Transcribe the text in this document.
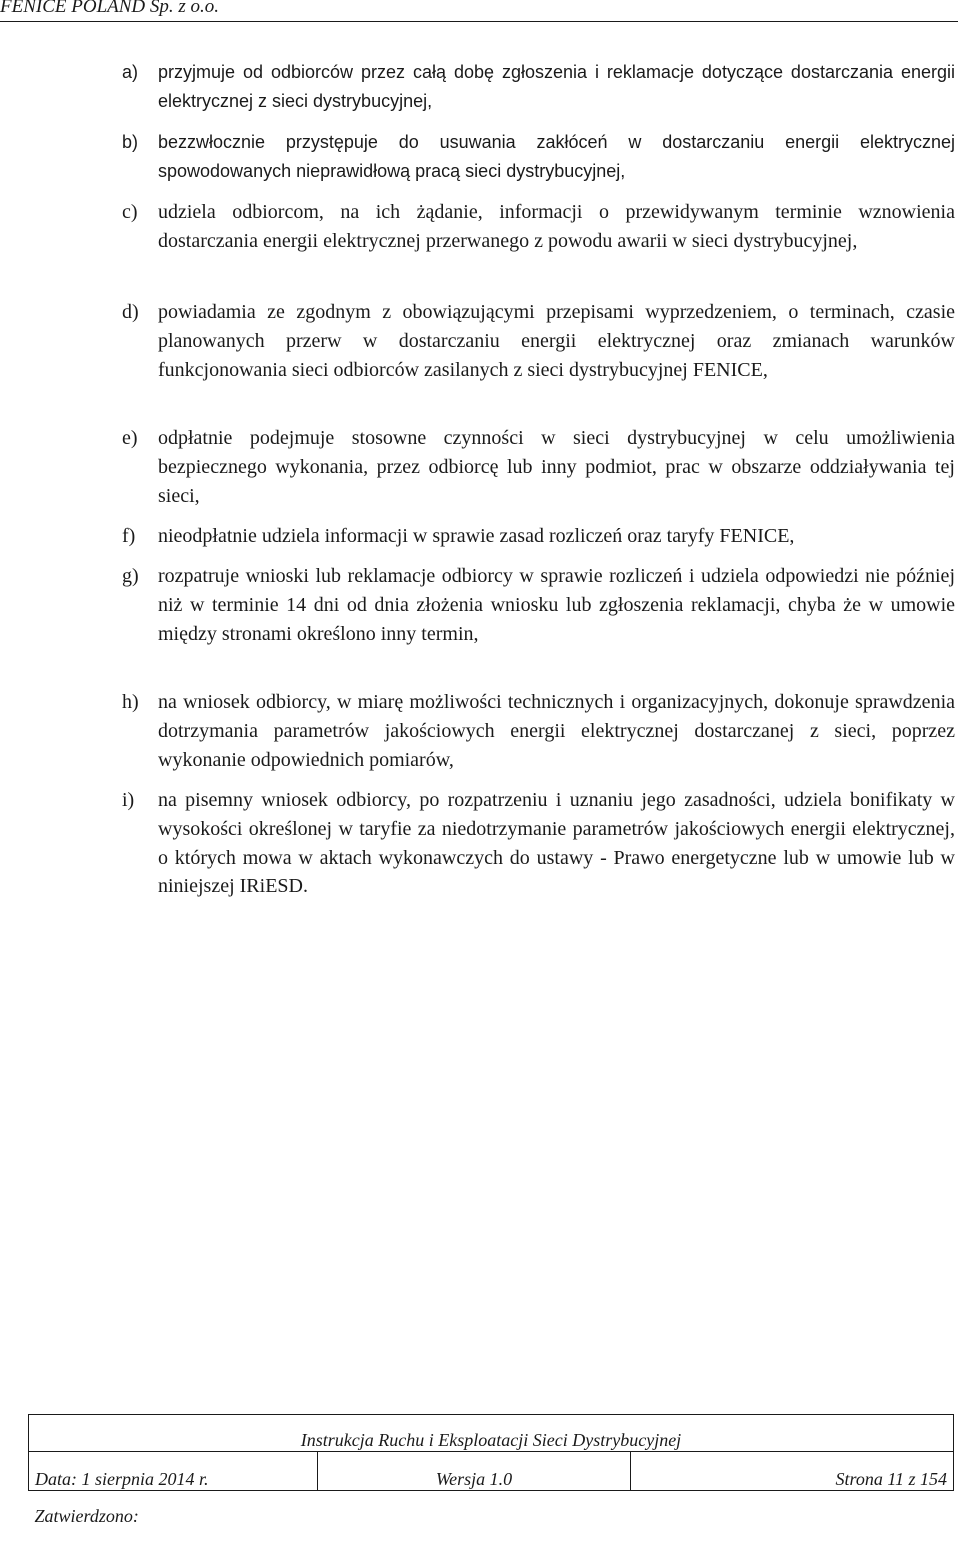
FENICE POLAND Sp. z o.o.
a) przyjmuje od odbiorców przez całą dobę zgłoszenia i reklamacje dotyczące dostarczania energii elektrycznej z sieci dystrybucyjnej,
b) bezzwłocznie przystępuje do usuwania zakłóceń w dostarczaniu energii elektrycznej spowodowanych nieprawidłową pracą sieci dystrybucyjnej,
c) udziela odbiorcom, na ich żądanie, informacji o przewidywanym terminie wznowienia dostarczania energii elektrycznej przerwanego z powodu awarii w sieci dystrybucyjnej,
d) powiadamia ze zgodnym z obowiązującymi przepisami wyprzedzeniem, o terminach, czasie planowanych przerw w dostarczaniu energii elektrycznej oraz zmianach warunków funkcjonowania sieci odbiorców zasilanych z sieci dystrybucyjnej FENICE,
e) odpłatnie podejmuje stosowne czynności w sieci dystrybucyjnej w celu umożliwienia bezpiecznego wykonania, przez odbiorcę lub inny podmiot, prac w obszarze oddziaływania tej sieci,
f) nieodpłatnie udziela informacji w sprawie zasad rozliczeń oraz taryfy FENICE,
g) rozpatruje wnioski lub reklamacje odbiorcy w sprawie rozliczeń i udziela odpowiedzi nie później niż w terminie 14 dni od dnia złożenia wniosku lub zgłoszenia reklamacji, chyba że w umowie między stronami określono inny termin,
h) na wniosek odbiorcy, w miarę możliwości technicznych i organizacyjnych, dokonuje sprawdzenia dotrzymania parametrów jakościowych energii elektrycznej dostarczanej z sieci, poprzez wykonanie odpowiednich pomiarów,
i) na pisemny wniosek odbiorcy, po rozpatrzeniu i uznaniu jego zasadności, udziela bonifikaty w wysokości określonej w taryfie za niedotrzymanie parametrów jakościowych energii elektrycznej, o których mowa w aktach wykonawczych do ustawy - Prawo energetyczne lub w umowie lub w niniejszej IRiESD.
Instrukcja Ruchu i Eksploatacji Sieci Dystrybucyjnej
Data: 1 sierpnia 2014 r.	Wersja 1.0	Strona 11 z 154
Zatwierdzono:
